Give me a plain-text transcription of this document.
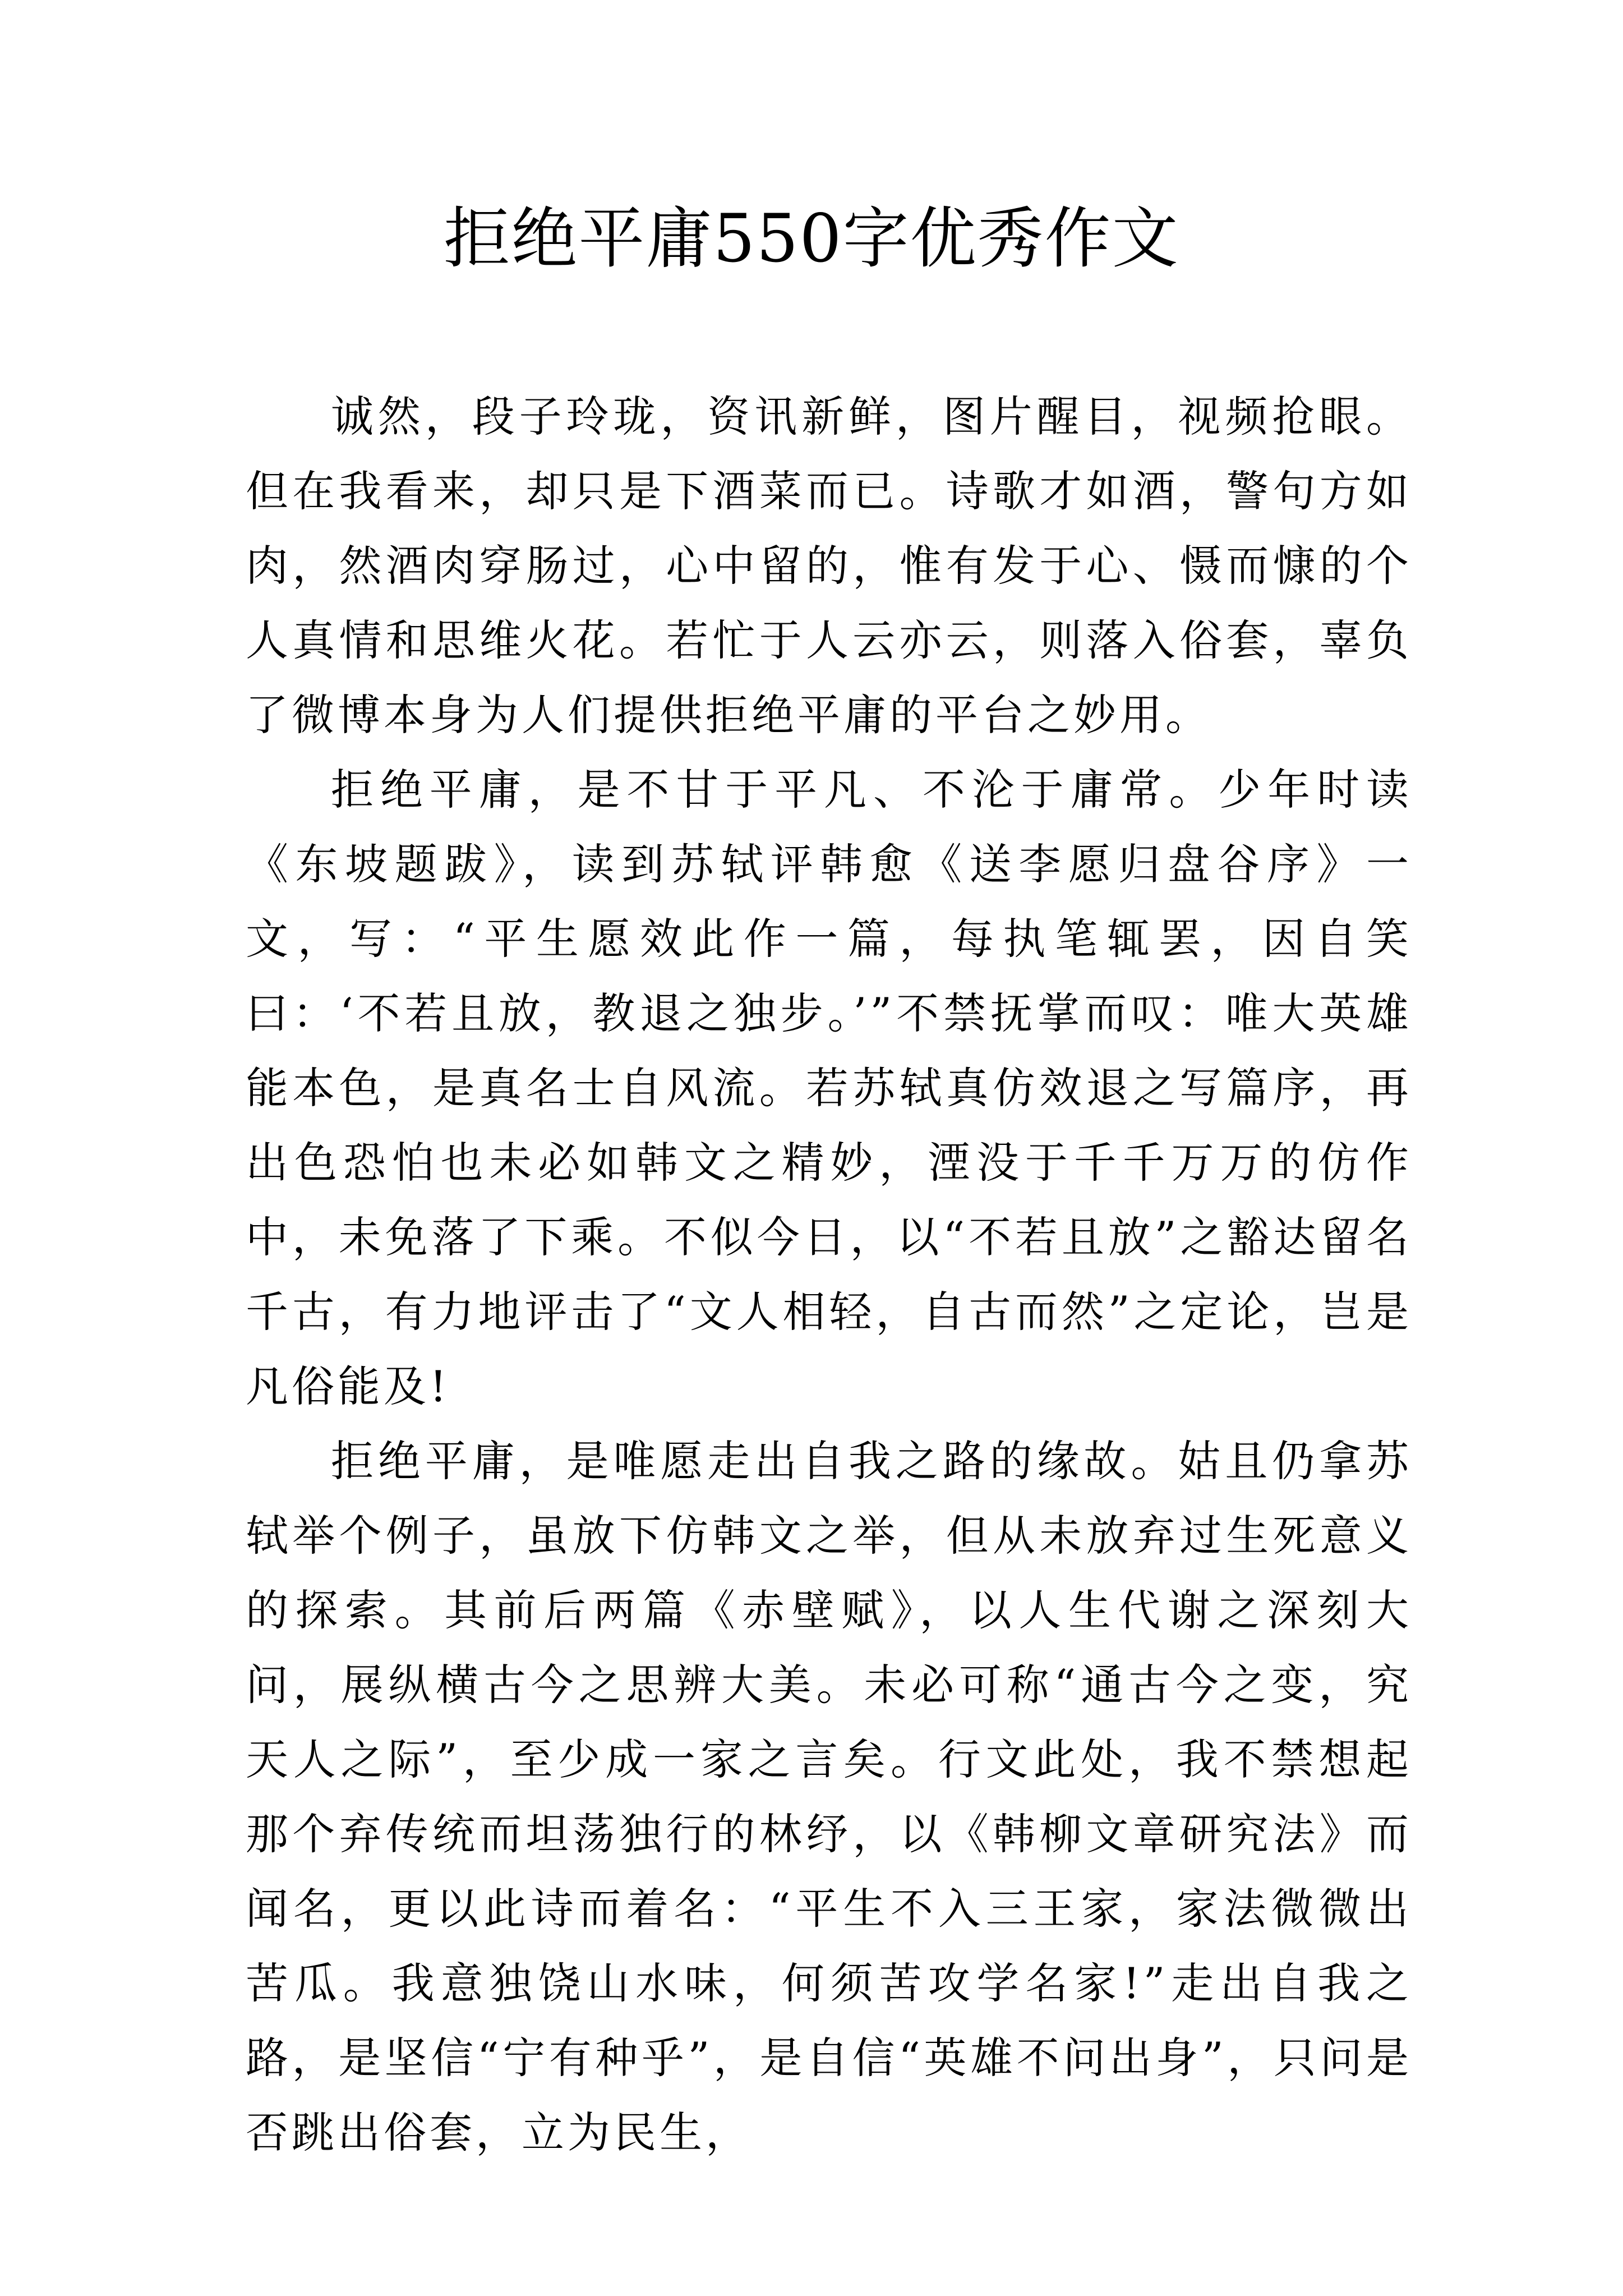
拒绝平庸550字优秀作文

诚然，段子玲珑，资讯新鲜，图片醒目，视频抢眼。但在我看来，却只是下酒菜而已。诗歌才如酒，警句方如肉，然酒肉穿肠过，心中留的，惟有发于心、慑而慷的个人真情和思维火花。若忙于人云亦云，则落入俗套，辜负了微博本身为人们提供拒绝平庸的平台之妙用。

拒绝平庸，是不甘于平凡、不沦于庸常。少年时读《东坡题跋》，读到苏轼评韩愈《送李愿归盘谷序》一文，写：“平生愿效此作一篇，每执笔辄罢，因自笑曰：‘不若且放，教退之独步。’”不禁抚掌而叹：唯大英雄能本色，是真名士自风流。若苏轼真仿效退之写篇序，再出色恐怕也未必如韩文之精妙，湮没于千千万万的仿作中，未免落了下乘。不似今日，以“不若且放”之豁达留名千古，有力地评击了“文人相轻，自古而然”之定论，岂是凡俗能及!

拒绝平庸，是唯愿走出自我之路的缘故。姑且仍拿苏轼举个例子，虽放下仿韩文之举，但从未放弃过生死意义的探索。其前后两篇《赤壁赋》，以人生代谢之深刻大问，展纵横古今之思辨大美。未必可称“通古今之变，究天人之际”，至少成一家之言矣。行文此处，我不禁想起那个弃传统而坦荡独行的林纾，以《韩柳文章研究法》而闻名，更以此诗而着名：“平生不入三王家，家法微微出苦瓜。我意独饶山水味，何须苦攻学名家!”走出自我之路，是坚信“宁有种乎”，是自信“英雄不问出身”，只问是否跳出俗套，立为民生，
